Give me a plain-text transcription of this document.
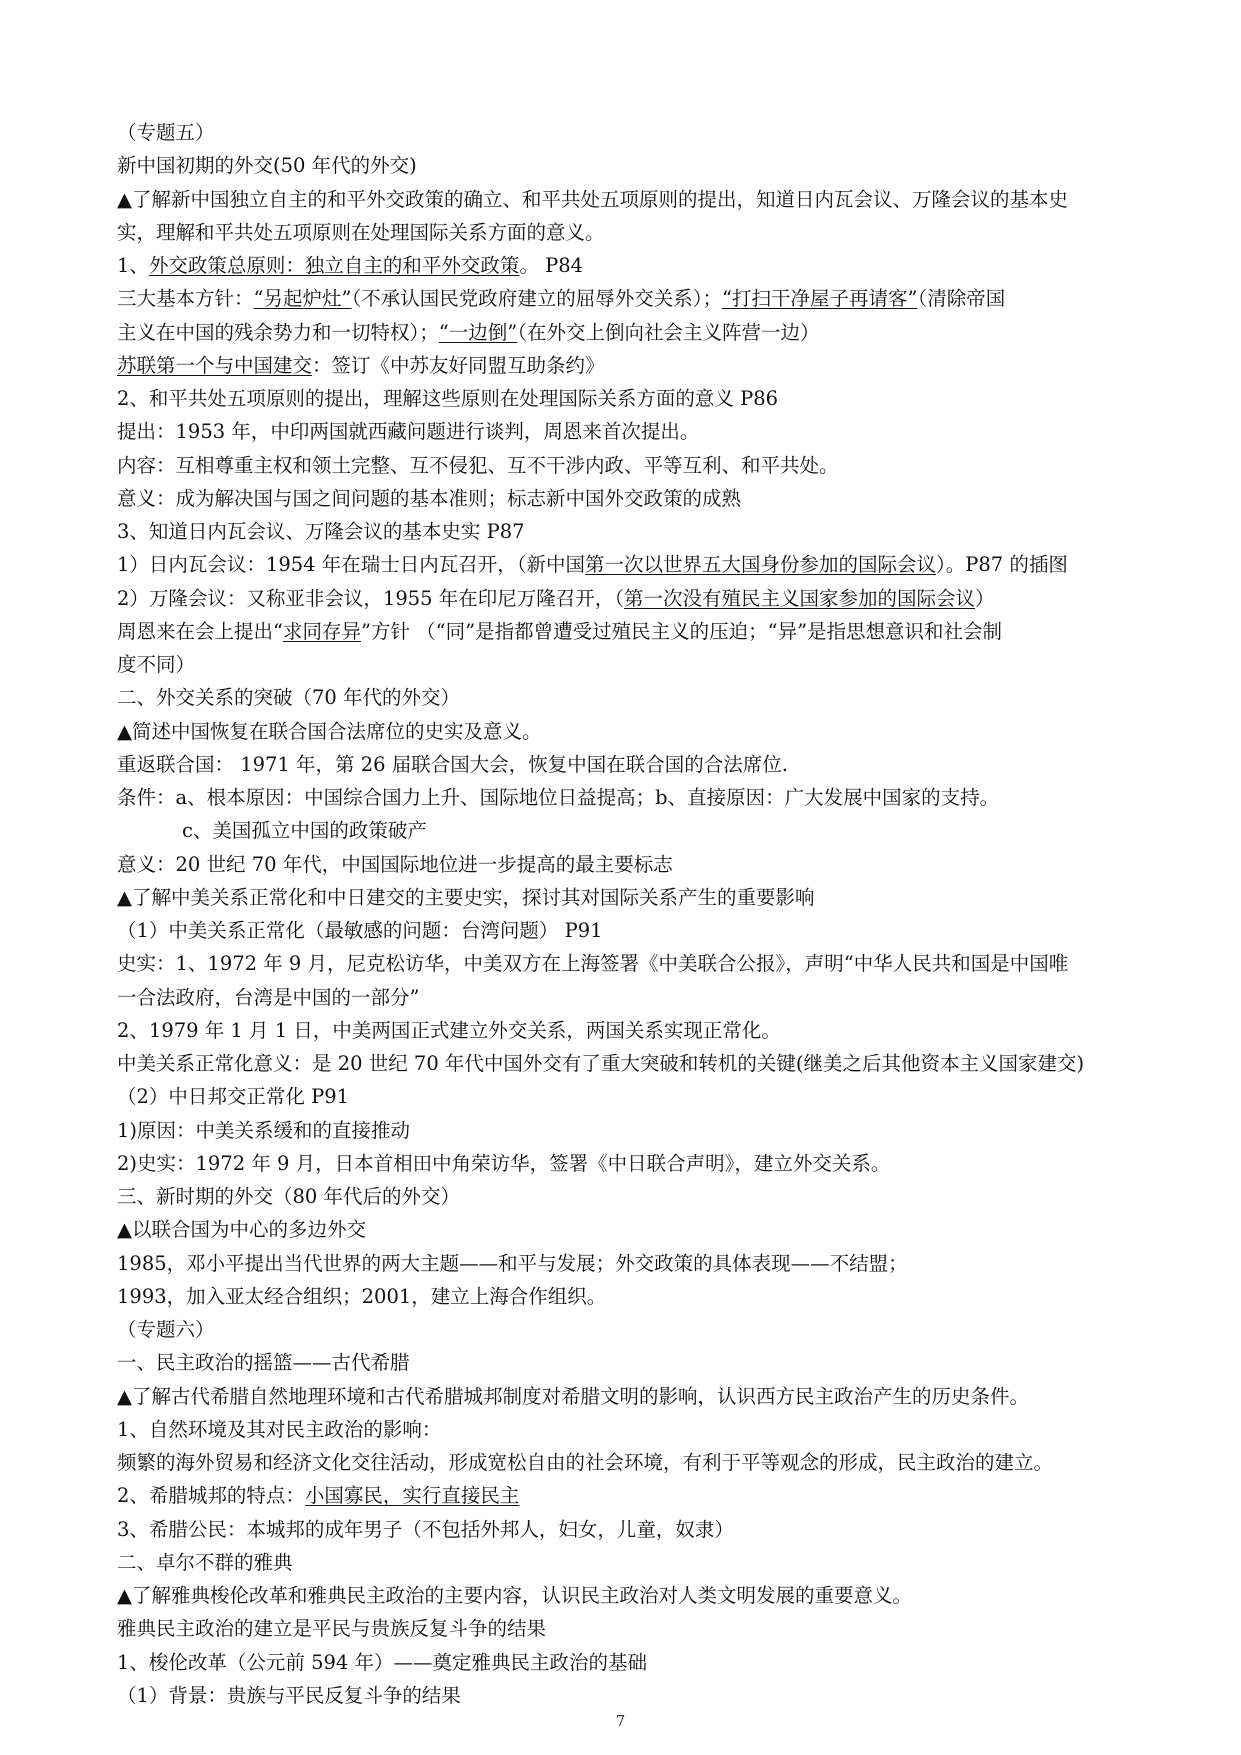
（专题五）
新中国初期的外交(50 年代的外交)
▲了解新中国独立自主的和平外交政策的确立、和平共处五项原则的提出，知道日内瓦会议、万隆会议的基本史
实，理解和平共处五项原则在处理国际关系方面的意义。
1、外交政策总原则：独立自主的和平外交政策。 P84
三大基本方针：“另起炉灶”（不承认国民党政府建立的屈辱外交关系）；“打扫干净屋子再请客”（清除帝国
主义在中国的残余势力和一切特权）；“一边倒”（在外交上倒向社会主义阵营一边）
苏联第一个与中国建交：签订《中苏友好同盟互助条约》
2、和平共处五项原则的提出，理解这些原则在处理国际关系方面的意义 P86
提出：1953 年，中印两国就西藏问题进行谈判，周恩来首次提出。
内容：互相尊重主权和领土完整、互不侵犯、互不干涉内政、平等互利、和平共处。
意义：成为解决国与国之间问题的基本准则；标志新中国外交政策的成熟
3、知道日内瓦会议、万隆会议的基本史实 P87
1）日内瓦会议：1954 年在瑞士日内瓦召开，（新中国第一次以世界五大国身份参加的国际会议）。P87 的插图
2）万隆会议：又称亚非会议，1955 年在印尼万隆召开，（第一次没有殖民主义国家参加的国际会议）
周恩来在会上提出“求同存异”方针 （“同”是指都曾遭受过殖民主义的压迫；“异”是指思想意识和社会制
度不同）
二、外交关系的突破（70 年代的外交）
▲简述中国恢复在联合国合法席位的史实及意义。
重返联合国： 1971 年，第 26 届联合国大会，恢复中国在联合国的合法席位.
条件：a、根本原因：中国综合国力上升、国际地位日益提高；b、直接原因：广大发展中国家的支持。
c、美国孤立中国的政策破产
意义：20 世纪 70 年代，中国国际地位进一步提高的最主要标志
▲了解中美关系正常化和中日建交的主要史实，探讨其对国际关系产生的重要影响
（1）中美关系正常化（最敏感的问题：台湾问题） P91
史实：1、1972 年 9 月，尼克松访华，中美双方在上海签署《中美联合公报》，声明“中华人民共和国是中国唯
一合法政府，台湾是中国的一部分”
2、1979 年 1 月 1 日，中美两国正式建立外交关系，两国关系实现正常化。
中美关系正常化意义：是 20 世纪 70 年代中国外交有了重大突破和转机的关键(继美之后其他资本主义国家建交)
（2）中日邦交正常化 P91
1)原因：中美关系缓和的直接推动
2)史实：1972 年 9 月，日本首相田中角荣访华，签署《中日联合声明》，建立外交关系。
三、新时期的外交（80 年代后的外交）
▲以联合国为中心的多边外交
1985，邓小平提出当代世界的两大主题——和平与发展；外交政策的具体表现——不结盟；
1993，加入亚太经合组织；2001，建立上海合作组织。
（专题六）
一、民主政治的摇篮——古代希腊
▲了解古代希腊自然地理环境和古代希腊城邦制度对希腊文明的影响，认识西方民主政治产生的历史条件。
1、自然环境及其对民主政治的影响：
频繁的海外贸易和经济文化交往活动，形成宽松自由的社会环境，有利于平等观念的形成，民主政治的建立。
2、希腊城邦的特点：小国寡民，实行直接民主
3、希腊公民：本城邦的成年男子（不包括外邦人，妇女，儿童，奴隶）
二、卓尔不群的雅典
▲了解雅典梭伦改革和雅典民主政治的主要内容，认识民主政治对人类文明发展的重要意义。
雅典民主政治的建立是平民与贵族反复斗争的结果
1、梭伦改革（公元前 594 年）——奠定雅典民主政治的基础
（1）背景：贵族与平民反复斗争的结果
7
